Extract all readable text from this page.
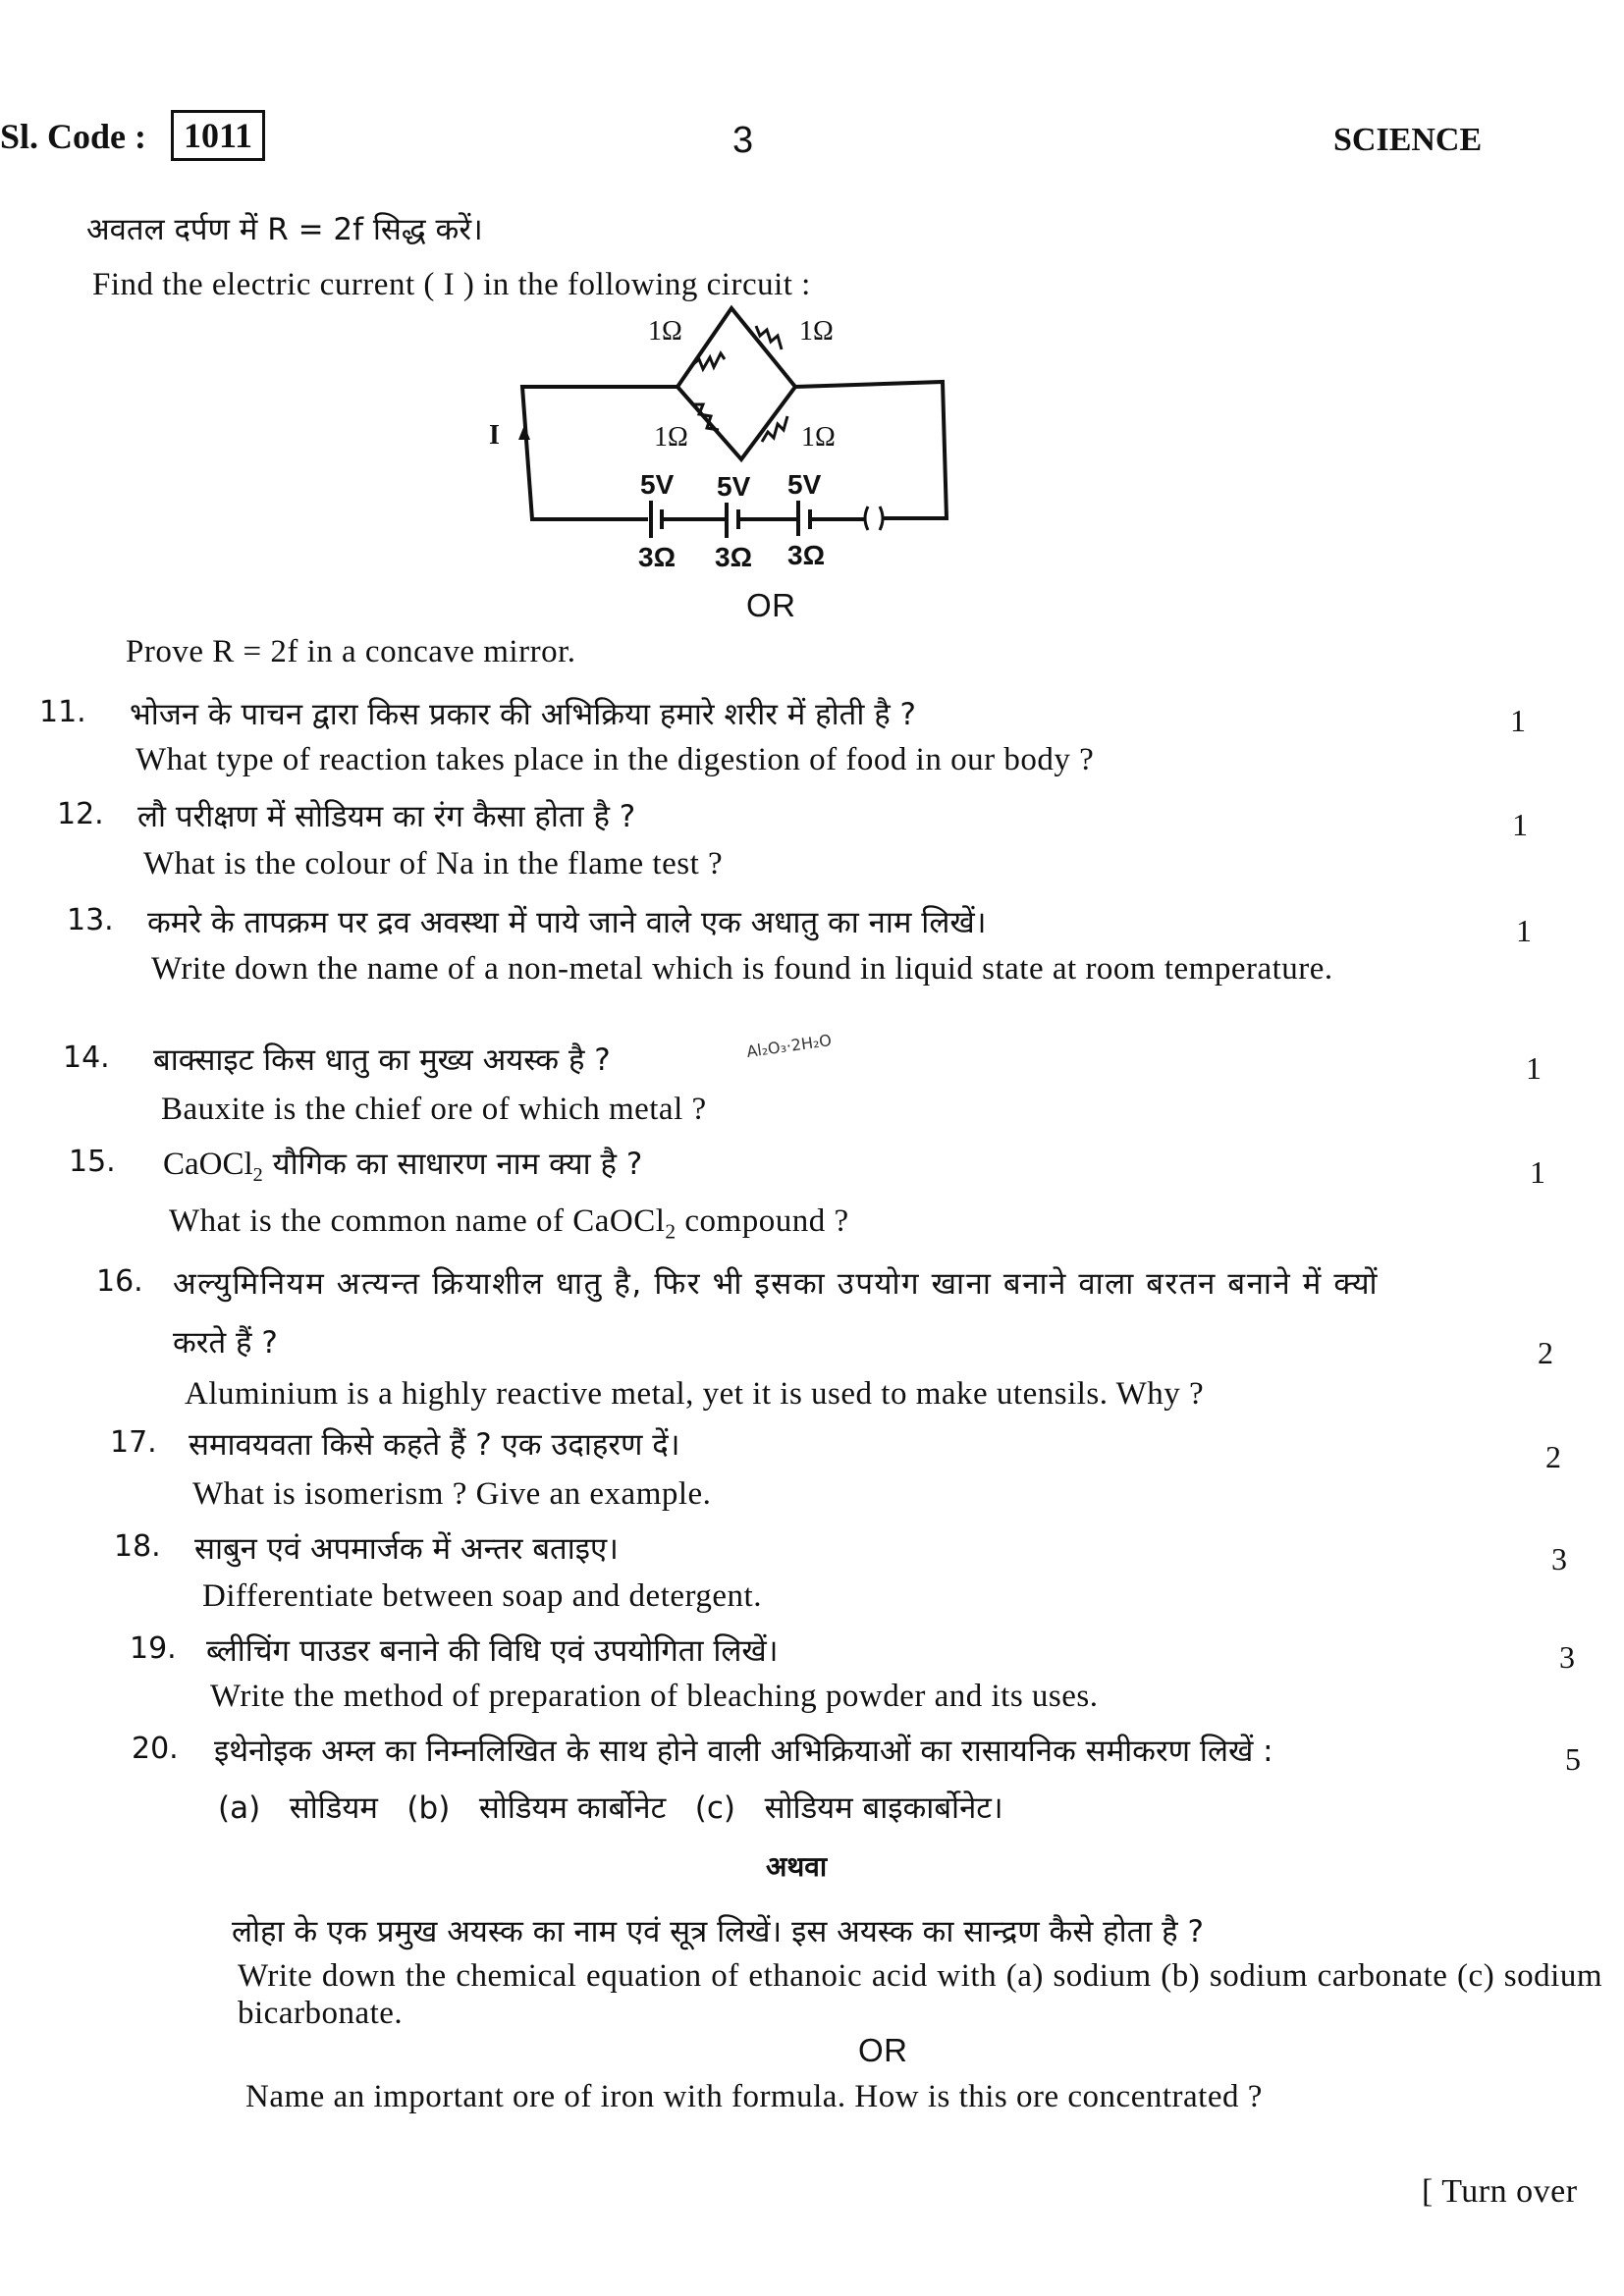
Sl. Code :	1011	3	SCIENCE
अवतल दर्पण में R = 2f सिद्ध करें।
Find the electric current ( I ) in the following circuit :
I
1Ω	1Ω
1Ω	1Ω
5V 5V 5V
3Ω 3Ω 3Ω
OR
Prove R = 2f in a concave mirror.
11. भोजन के पाचन द्वारा किस प्रकार की अभिक्रिया हमारे शरीर में होती है ?	1
What type of reaction takes place in the digestion of food in our body ?
12. लौ परीक्षण में सोडियम का रंग कैसा होता है ?	1
What is the colour of Na in the flame test ?
13. कमरे के तापक्रम पर द्रव अवस्था में पाये जाने वाले एक अधातु का नाम लिखें।	1
Write down the name of a non-metal which is found in liquid state at room temperature.
14. बाक्साइट किस धातु का मुख्य अयस्क है ?	Al₂O₃·2H₂O
1
Bauxite is the chief ore of which metal ?
15. CaOCl$_2$ यौगिक का साधारण नाम क्या है ?	1
What is the common name of CaOCl$_2$ compound ?
16. अल्युमिनियम अत्यन्त क्रियाशील धातु है, फिर भी इसका उपयोग खाना बनाने वाला बरतन बनाने में क्यों
करते हैं ?	2
Aluminium is a highly reactive metal, yet it is used to make utensils. Why ?
17. समावयवता किसे कहते हैं ? एक उदाहरण दें।	2
What is isomerism ? Give an example.
18. साबुन एवं अपमार्जक में अन्तर बताइए।	3
Differentiate between soap and detergent.
19. ब्लीचिंग पाउडर बनाने की विधि एवं उपयोगिता लिखें।	3
Write the method of preparation of bleaching powder and its uses.
20. इथेनोइक अम्ल का निम्नलिखित के साथ होने वाली अभिक्रियाओं का रासायनिक समीकरण लिखें :	5
(a)   सोडियम   (b)   सोडियम कार्बोनेट   (c)   सोडियम बाइकार्बोनेट।
अथवा
लोहा के एक प्रमुख अयस्क का नाम एवं सूत्र लिखें। इस अयस्क का सान्द्रण कैसे होता है ?
Write down the chemical equation of ethanoic acid with (a) sodium (b) sodium carbonate (c) sodium bicarbonate.
OR
Name an important ore of iron with formula. How is this ore concentrated ?
[ Turn over
